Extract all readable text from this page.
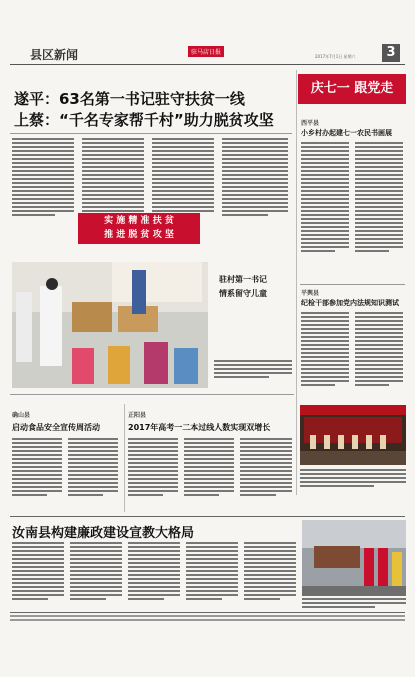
县区新闻	驻马店日报
2017年7月1日 星期六	3
遂平：63名第一书记驻守扶贫一线
上蔡：“千名专家帮千村”助力脱贫攻坚
实 施 精 准 扶 贫
推 进 脱 贫 攻 坚
庆七一 跟党走
西平县
小乡村办起建七一农民书画展
平舆县
纪检干部参加党内法规知识测试
驻村第一书记
情系留守儿童
确山县
启动食品安全宣传周活动
正阳县
2017年高考一二本过线人数实现双增长
汝南县构建廉政建设宣教大格局
